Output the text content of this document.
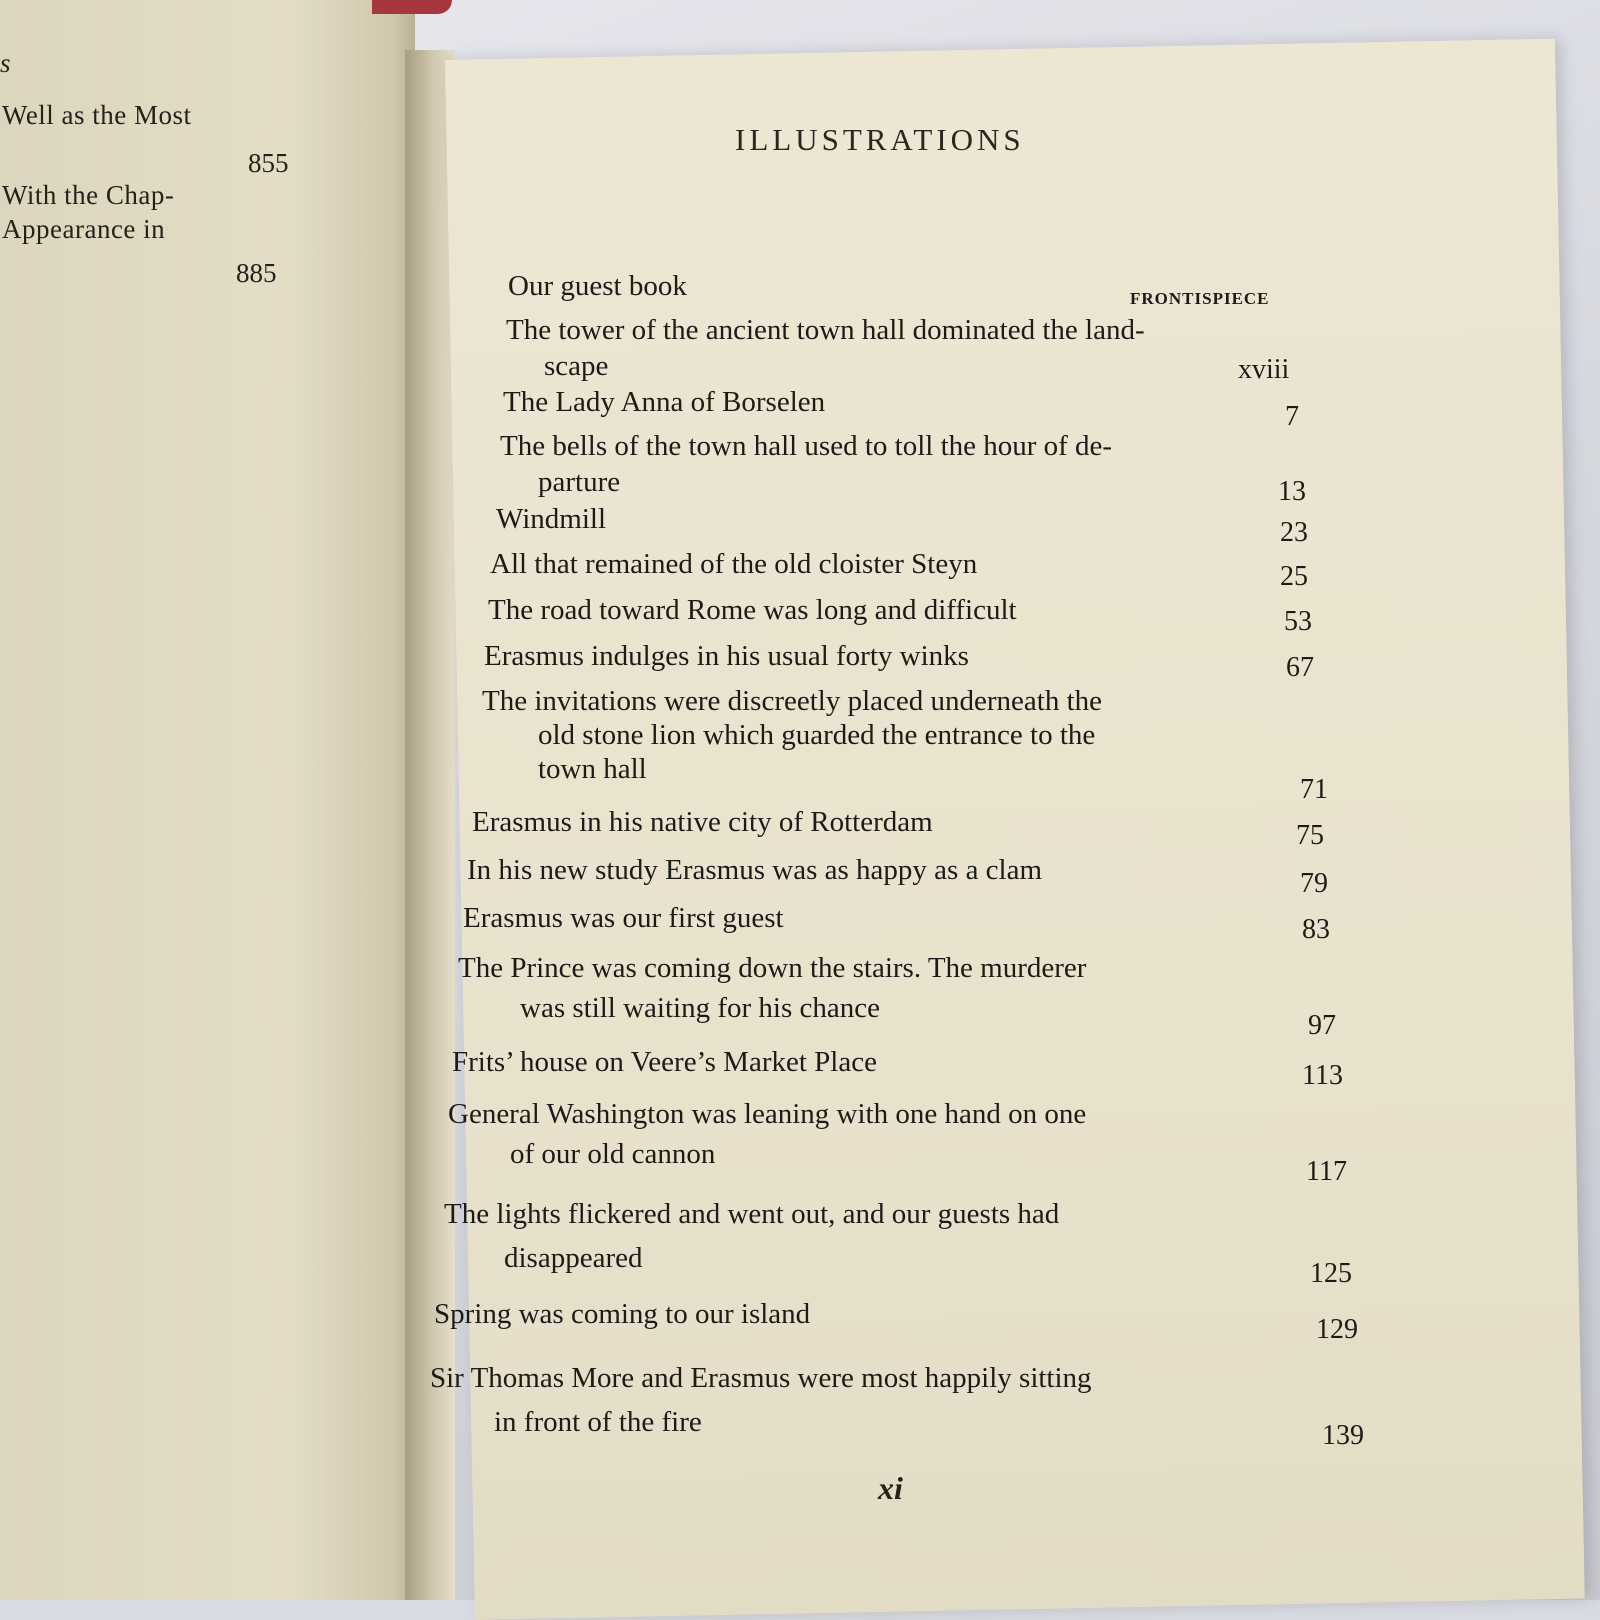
s
Well as the Most
855
With the Chap-
Appearance in
885
ILLUSTRATIONS
Our guest book	FRONTISPIECE
The tower of the ancient town hall dominated the land-
scape	xviii
The Lady Anna of Borselen	7
The bells of the town hall used to toll the hour of de-
parture	13
Windmill	23
All that remained of the old cloister Steyn	25
The road toward Rome was long and difficult	53
Erasmus indulges in his usual forty winks	67
The invitations were discreetly placed underneath the
old stone lion which guarded the entrance to the
town hall
71
Erasmus in his native city of Rotterdam	75
In his new study Erasmus was as happy as a clam	79
Erasmus was our first guest	83
The Prince was coming down the stairs. The murderer
was still waiting for his chance
97
Frits’ house on Veere’s Market Place	113
General Washington was leaning with one hand on one
of our old cannon
117
The lights flickered and went out, and our guests had
disappeared	125
Spring was coming to our island	129
Sir Thomas More and Erasmus were most happily sitting
in front of the fire	139
xi
